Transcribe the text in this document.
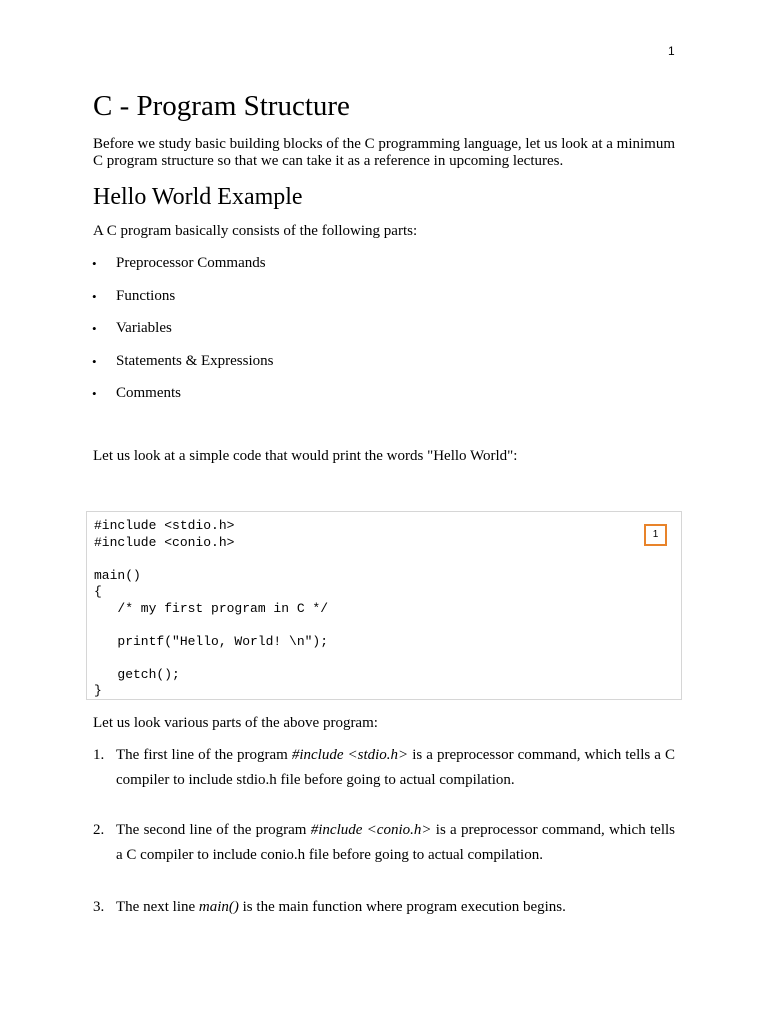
1
C - Program Structure

Before we study basic building blocks of the C programming language, let us look at a minimum C program structure so that we can take it as a reference in upcoming lectures.

Hello World Example

A C program basically consists of the following parts:

• Preprocessor Commands
• Functions
• Variables
• Statements & Expressions
• Comments

Let us look at a simple code that would print the words "Hello World":

#include <stdio.h>
#include <conio.h>

main()
{
/* my first program in C */

printf("Hello, World! \n");

getch();
}
1

Let us look various parts of the above program:

1. The first line of the program #include <stdio.h> is a preprocessor command, which tells a C compiler to include stdio.h file before going to actual compilation.
2. The second line of the program #include <conio.h> is a preprocessor command, which tells a C compiler to include conio.h file before going to actual compilation.
3. The next line main() is the main function where program execution begins.
